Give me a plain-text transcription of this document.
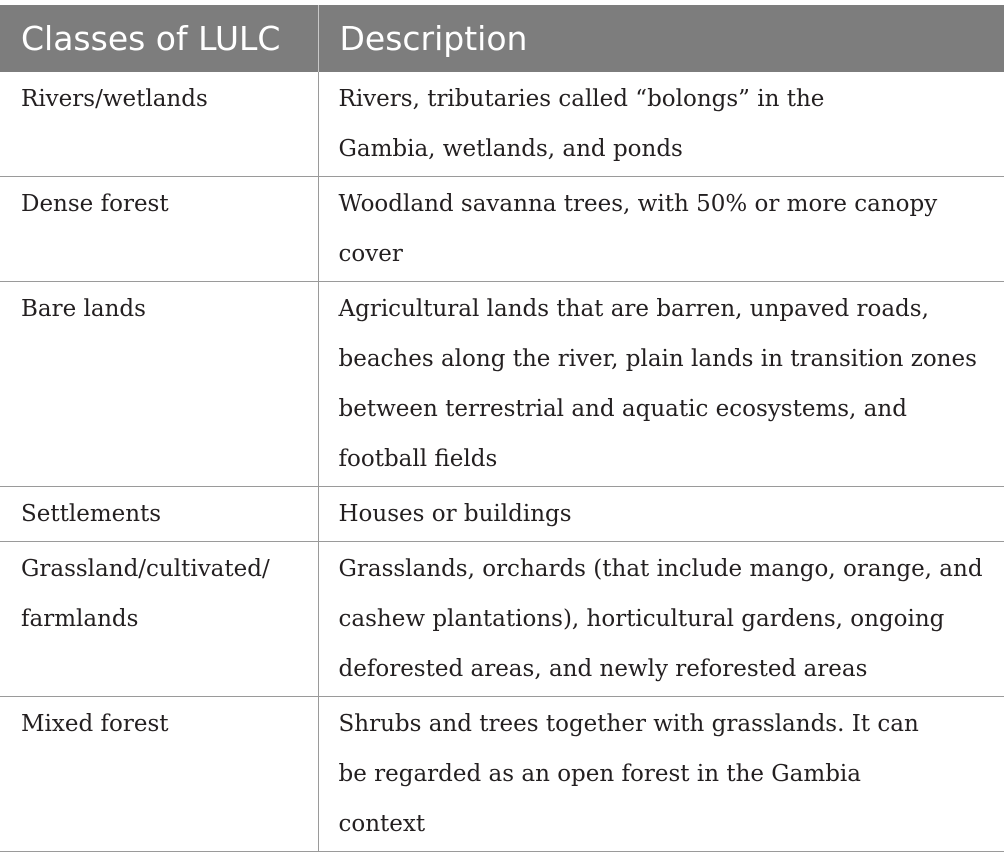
Classes of LULC	Description
Rivers/wetlands	Rivers, tributaries called “bolongs” in the Gambia, wetlands, and ponds

Dense forest	Woodland savanna trees, with 50% or more canopy cover

Bare lands	Agricultural lands that are barren, unpaved roads, beaches along the river, plain lands in transition zones between terrestrial and aquatic ecosystems, and football fields

Settlements	Houses or buildings

Grassland/cultivated/ farmlands	Grasslands, orchards (that include mango, orange, and cashew plantations), horticultural gardens, ongoing deforested areas, and newly reforested areas

Mixed forest	Shrubs and trees together with grasslands. It can be regarded as an open forest in the Gambia context
